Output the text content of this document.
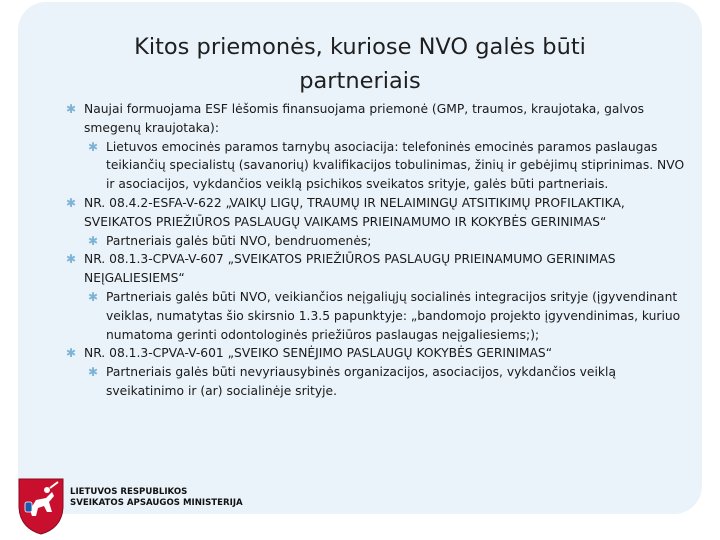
Kitos priemonės, kuriose NVO galės būti
partneriais
✱ Naujai formuojama ESF lėšomis finansuojama priemonė (GMP, traumos, kraujotaka, galvos smegenų kraujotaka):
✱ Lietuvos emocinės paramos tarnybų asociacija: telefoninės emocinės paramos paslaugas teikiančių specialistų (savanorių) kvalifikacijos tobulinimas, žinių ir gebėjimų stiprinimas. NVO ir asociacijos, vykdančios veiklą psichikos sveikatos srityje, galės būti partneriais.
✱ NR. 08.4.2-ESFA-V-622 „VAIKŲ LIGŲ, TRAUMŲ IR NELAIMINGŲ ATSITIKIMŲ PROFILAKTIKA, SVEIKATOS PRIEŽIŪROS PASLAUGŲ VAIKAMS PRIEINAMUMO IR KOKYBĖS GERINIMAS“
✱ Partneriais galės būti NVO, bendruomenės;
✱ NR. 08.1.3-CPVA-V-607 „SVEIKATOS PRIEŽIŪROS PASLAUGŲ PRIEINAMUMO GERINIMAS NEĮGALIESIEMS“
✱ Partneriais galės būti NVO, veikiančios neįgaliųjų socialinės integracijos srityje (įgyvendinant veiklas, numatytas šio skirsnio 1.3.5 papunktyje: „bandomojo projekto įgyvendinimas, kuriuo numatoma gerinti odontologinės priežiūros paslaugas neįgaliesiems;);
✱ NR. 08.1.3-CPVA-V-601 „SVEIKO SENĖJIMO PASLAUGŲ KOKYBĖS GERINIMAS“
✱ Partneriais galės būti nevyriausybinės organizacijos, asociacijos, vykdančios veiklą sveikatinimo ir (ar) socialinėje srityje.
LIETUVOS RESPUBLIKOS
SVEIKATOS APSAUGOS MINISTERIJA
